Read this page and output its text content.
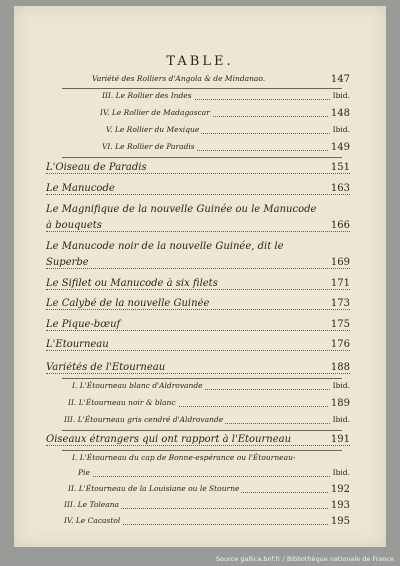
TABLE.
Variété des Rolliers d'Angola & de Mindanao.	147
III. Le Rollier des Indes	Ibid.
IV. Le Rollier de Madagascar	148
V. Le Rollier du Mexique	Ibid.
VI. Le Rollier de Paradis	149
L'Oiseau de Paradis	151
Le Manucode	163
Le Magnifique de la nouvelle Guinée ou le Manucode
à bouquets	166
Le Manucode noir de la nouvelle Guinée, dit le
Superbe	169
Le Sifilet ou Manucode à six filets	171
Le Calybé de la nouvelle Guinée	173
Le Pique-bœuf	175
L'Étourneau	176
Variétés de l'Étourneau	188
I. L'Étourneau blanc d'Aldrovande	Ibid.
II. L'Étourneau noir & blanc	189
III. L'Étourneau gris cendré d'Aldrovande	Ibid.
Oiseaux étrangers qui ont rapport à l'Étourneau	191
I. L'Étourneau du cap de Bonne-espérance ou l'Étourneau-
Pie	Ibid.
II. L'Étourneau de la Louisiane ou le Stourne	192
III. Le Toleana	193
IV. Le Cacastol	195
Source gallica.bnf.fr / Bibliothèque nationale de France
